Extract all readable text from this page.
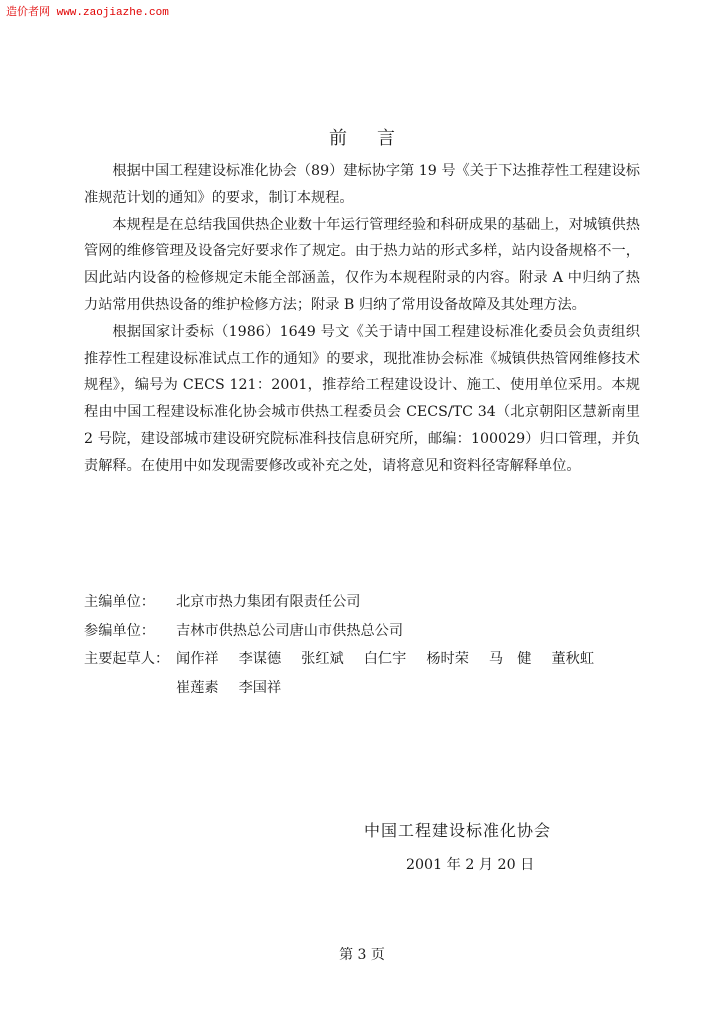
造价者网 www.zaojiazhe.com
前言

根据中国工程建设标准化协会（89）建标协字第 19 号《关于下达推荐性工程建设标准规范计划的通知》的要求，制订本规程。

本规程是在总结我国供热企业数十年运行管理经验和科研成果的基础上，对城镇供热管网的维修管理及设备完好要求作了规定。由于热力站的形式多样，站内设备规格不一，因此站内设备的检修规定未能全部涵盖，仅作为本规程附录的内容。附录 A 中归纳了热力站常用供热设备的维护检修方法；附录 B 归纳了常用设备故障及其处理方法。

根据国家计委标（1986）1649 号文《关于请中国工程建设标准化委员会负责组织推荐性工程建设标准试点工作的通知》的要求，现批准协会标准《城镇供热管网维修技术规程》，编号为 CECS 121：2001，推荐给工程建设设计、施工、使用单位采用。本规程由中国工程建设标准化协会城市供热工程委员会 CECS/TC 34（北京朝阳区慧新南里 2 号院，建设部城市建设研究院标准科技信息研究所，邮编：100029）归口管理，并负责解释。在使用中如发现需要修改或补充之处，请将意见和资料径寄解释单位。

主编单位：	北京市热力集团有限责任公司
参编单位：	吉林市供热总公司唐山市供热总公司
主要起草人： 闻作祥 李谋德 张红斌 白仁宇 杨时荣 马　健 董秋虹
崔莲素 李国祥
中国工程建设标准化协会
2001 年 2 月 20 日
第 3 页
